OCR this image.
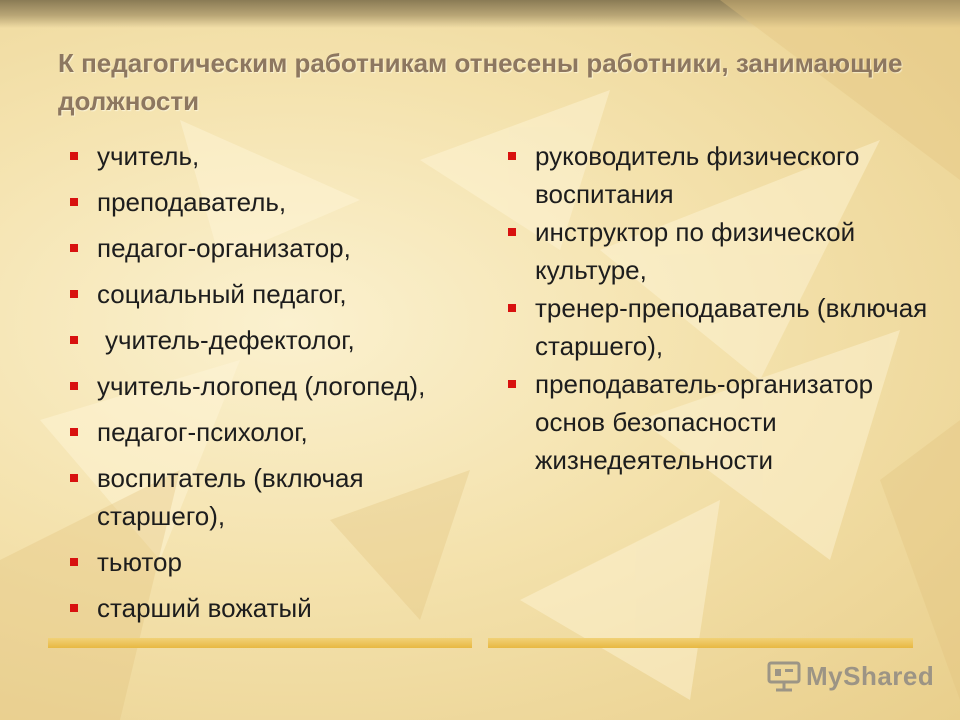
К педагогическим работникам отнесены работники, занимающие должности
учитель,
преподаватель,
педагог-организатор,
социальный педагог,
учитель-дефектолог,
учитель-логопед (логопед),
педагог-психолог,
воспитатель (включая старшего),
тьютор
старший вожатый
руководитель физического воспитания
инструктор по физической культуре,
тренер-преподаватель (включая старшего),
преподаватель-организатор основ безопасности жизнедеятельности
MyShared
